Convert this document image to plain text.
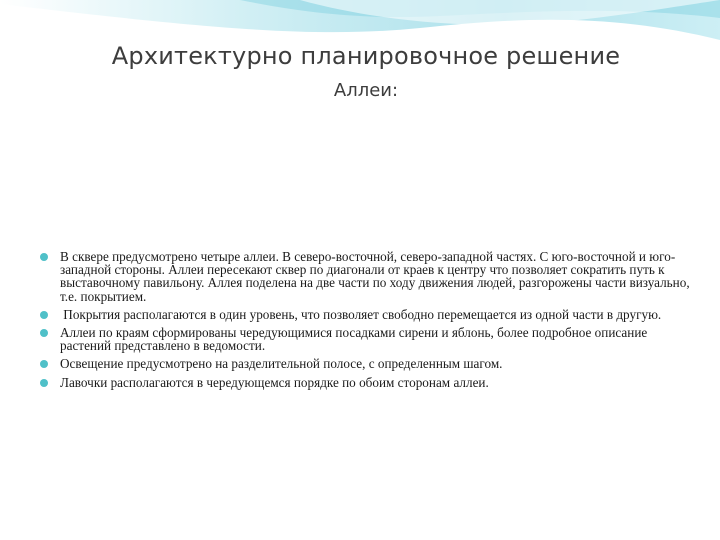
Архитектурно планировочное решение
Аллеи:
В сквере предусмотрено четыре аллеи. В северо-восточной, северо-западной частях. С юго-восточной и юго-западной стороны. Аллеи пересекают сквер по диагонали от краев к центру что позволяет сократить путь к выставочному павильону. Аллея поделена на две части по ходу движения людей, разгорожены части визуально, т.е. покрытием.
Покрытия располагаются в один уровень, что позволяет свободно перемещается из одной части в другую.
Аллеи по краям сформированы чередующимися посадками сирени и яблонь, более подробное описание растений представлено в ведомости.
Освещение предусмотрено на разделительной полосе, с определенным шагом.
Лавочки располагаются в чередующемся порядке по обоим сторонам аллеи.
